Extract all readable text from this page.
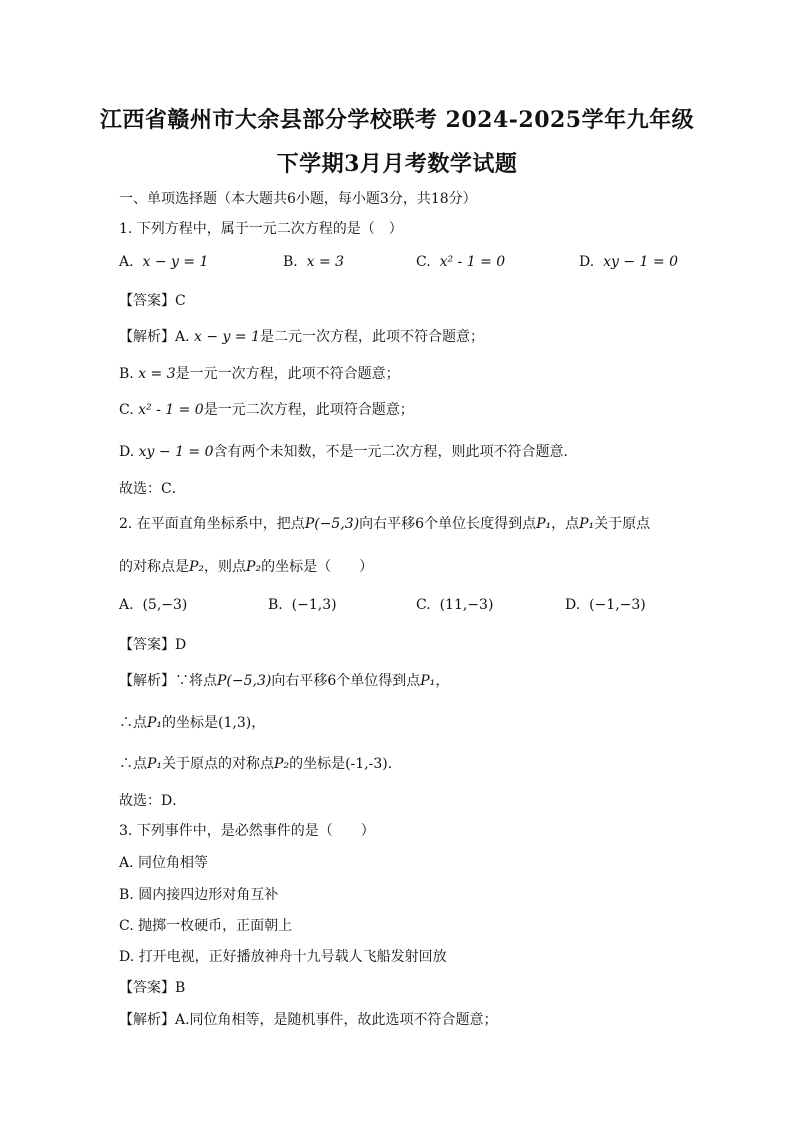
江西省赣州市大余县部分学校联考 2024-2025学年九年级
下学期3月月考数学试题
一、单项选择题（本大题共6小题，每小题3分，共18分）
1. 下列方程中，属于一元二次方程的是（　）
A. x − y = 1	B. x = 3	C. x² - 1 = 0	D. xy − 1 = 0
【答案】C
【解析】A. x − y = 1是二元一次方程，此项不符合题意；
B. x = 3是一元一次方程，此项不符合题意；
C. x² - 1 = 0是一元二次方程，此项符合题意；
D. xy − 1 = 0含有两个未知数，不是一元二次方程，则此项不符合题意．
故选：C．
2. 在平面直角坐标系中，把点P(−5,3)向右平移6个单位长度得到点P₁，点P₁关于原点
的对称点是P₂，则点P₂的坐标是（　　）
A. (5,−3)	B. (−1,3)	C. (11,−3)	D. (−1,−3)
【答案】D
【解析】∵将点P(−5,3)向右平移6个单位得到点P₁，
∴点P₁的坐标是(1,3)，
∴点P₁关于原点的对称点P₂的坐标是(-1,-3)．
故选：D．
3. 下列事件中，是必然事件的是（　　）
A. 同位角相等
B. 圆内接四边形对角互补
C. 抛掷一枚硬币，正面朝上
D. 打开电视，正好播放神舟十九号载人飞船发射回放
【答案】B
【解析】A.同位角相等，是随机事件，故此选项不符合题意；
